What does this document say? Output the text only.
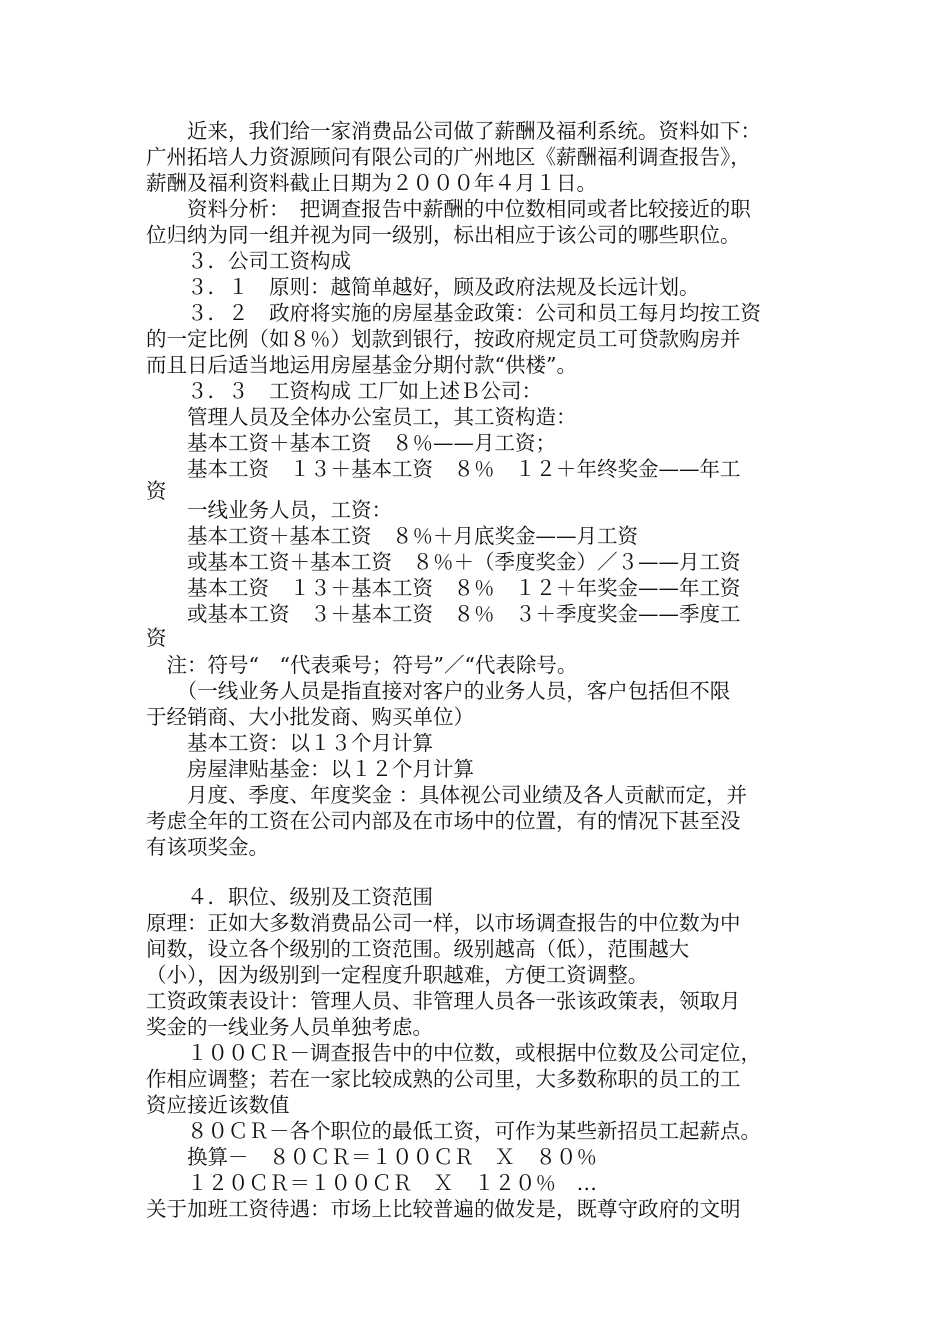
　　近来，我们给一家消费品公司做了薪酬及福利系统。资料如下：

广州拓培人力资源顾问有限公司的广州地区《薪酬福利调查报告》，

薪酬及福利资料截止日期为２０００年４月１日。

　　资料分析：　把调查报告中薪酬的中位数相同或者比较接近的职

位归纳为同一组并视为同一级别，标出相应于该公司的哪些职位。

　　３．公司工资构成

　　３．１　原则：越简单越好，顾及政府法规及长远计划。

　　３．２　政府将实施的房屋基金政策：公司和员工每月均按工资

的一定比例（如８％）划款到银行，按政府规定员工可贷款购房并

而且日后适当地运用房屋基金分期付款“供楼”。

　　３．３　工资构成 工厂如上述Ｂ公司：

　　管理人员及全体办公室员工，其工资构造：

　　基本工资＋基本工资　８％——月工资；

　　基本工资　１３＋基本工资　８％　１２＋年终奖金——年工

资

　　一线业务人员，工资：

　　基本工资＋基本工资　８％＋月底奖金——月工资

　　或基本工资＋基本工资　８％＋（季度奖金）／３——月工资

　　基本工资　１３＋基本工资　８％　１２＋年奖金——年工资

　　或基本工资　３＋基本工资　８％　３＋季度奖金——季度工

资

　注：符号“　“代表乘号；符号”／“代表除号。

　　（一线业务人员是指直接对客户的业务人员，客户包括但不限

于经销商、大小批发商、购买单位）

　　基本工资：以１３个月计算

　　房屋津贴基金：以１２个月计算

　　月度、季度、年度奖金 ：具体视公司业绩及各人贡献而定，并

考虑全年的工资在公司内部及在市场中的位置，有的情况下甚至没

有该项奖金。

　　４．职位、级别及工资范围

原理：正如大多数消费品公司一样，以市场调查报告的中位数为中

间数，设立各个级别的工资范围。级别越高（低），范围越大

（小），因为级别到一定程度升职越难，方便工资调整。

工资政策表设计：管理人员、非管理人员各一张该政策表，领取月

奖金的一线业务人员单独考虑。

　　１００ＣＲ－调查报告中的中位数，或根据中位数及公司定位，

作相应调整；若在一家比较成熟的公司里，大多数称职的员工的工

资应接近该数值

　　８０ＣＲ－各个职位的最低工资，可作为某些新招员工起薪点。

　　换算－　８０ＣＲ＝１００ＣＲ　Ｘ　８０％

　　１２０ＣＲ＝１００ＣＲ　Ｘ　１２０％　…

关于加班工资待遇：市场上比较普遍的做发是，既尊守政府的文明
